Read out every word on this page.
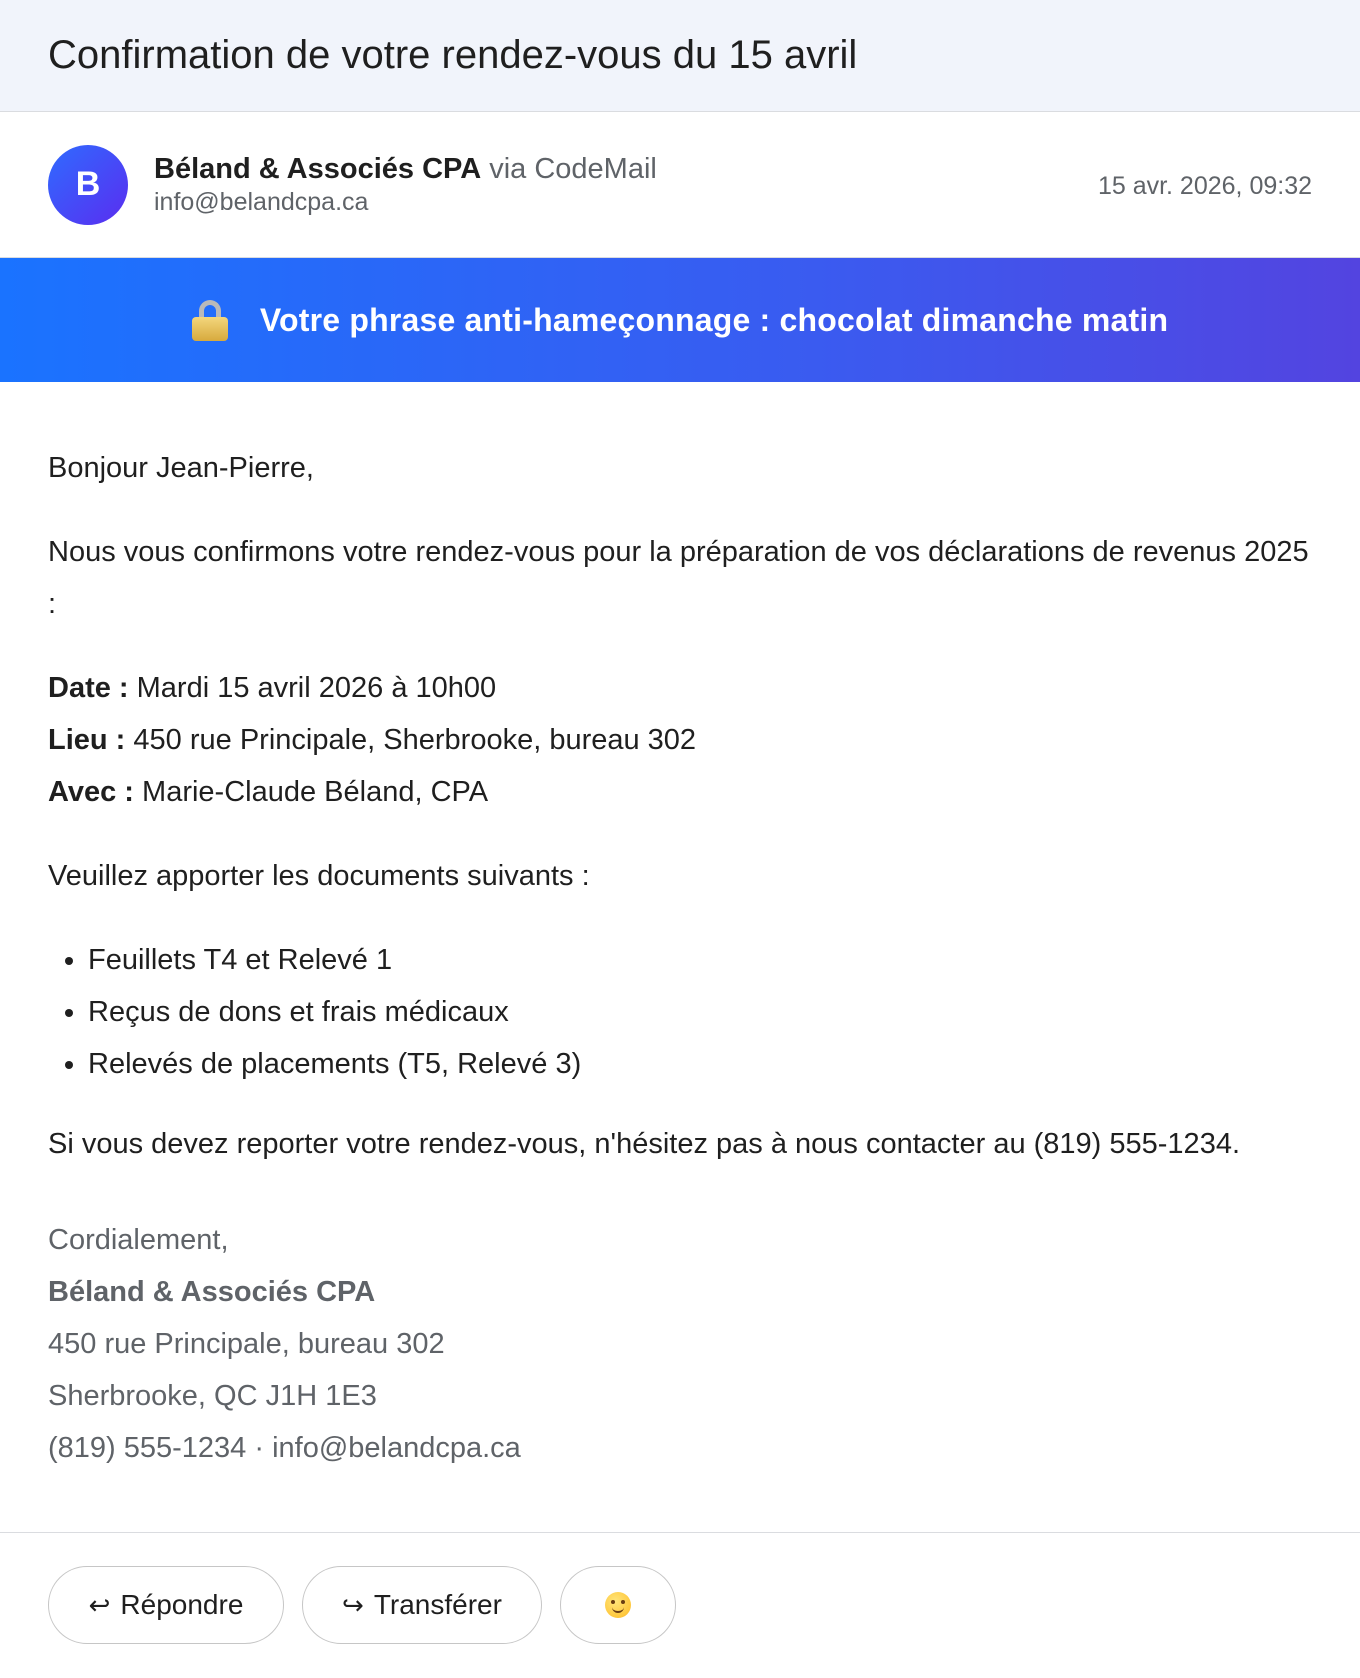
Confirmation de votre rendez-vous du 15 avril
B	Béland & Associés CPA via CodeMail
info@belandcpa.ca
15 avr. 2026, 09:32
Votre phrase anti-hameçonnage : chocolat dimanche matin

Bonjour Jean-Pierre,

Nous vous confirmons votre rendez-vous pour la préparation de vos déclarations de revenus 2025 :

Date : Mardi 15 avril 2026 à 10h00

Lieu : 450 rue Principale, Sherbrooke, bureau 302

Avec : Marie-Claude Béland, CPA

Veuillez apporter les documents suivants :

• Feuillets T4 et Relevé 1
• Reçus de dons et frais médicaux
• Relevés de placements (T5, Relevé 3)

Si vous devez reporter votre rendez-vous, n'hésitez pas à nous contacter au (819) 555-1234.

Cordialement,
Béland & Associés CPA
450 rue Principale, bureau 302
Sherbrooke, QC J1H 1E3
(819) 555-1234 · info@belandcpa.ca
↩ Répondre	↪ Transférer
